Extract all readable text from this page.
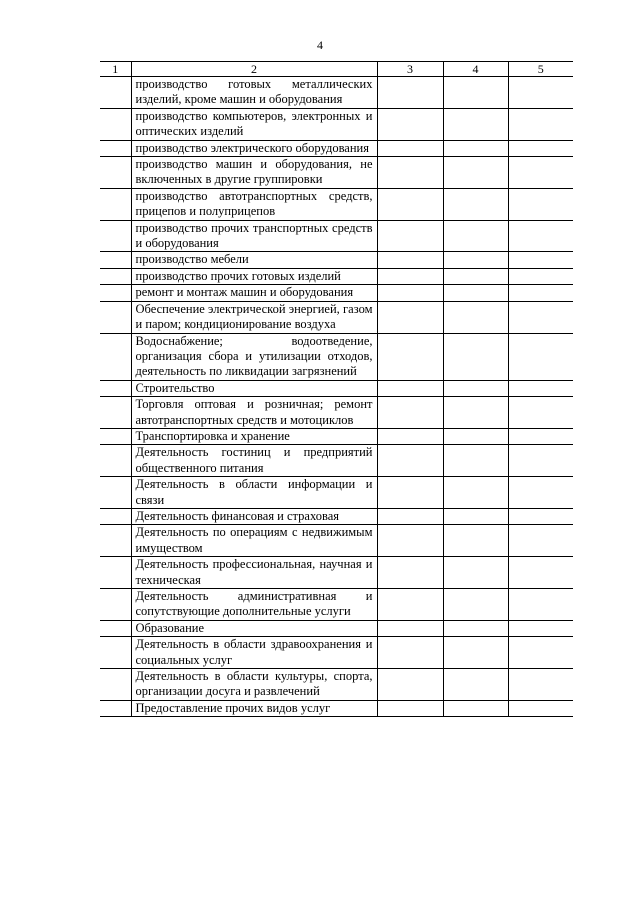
4
1	2	3	4	5
	производство готовых металлических изделий, кроме машин и оборудования			
	производство компьютеров, электронных и оптических изделий			
	производство электрического оборудования			
	производство машин и оборудования, не включенных в другие группировки			
	производство автотранспортных средств, прицепов и полуприцепов			
	производство прочих транспортных средств и оборудования			
	производство мебели			
	производство прочих готовых изделий			
	ремонт и монтаж машин и оборудования			
	Обеспечение электрической энергией, газом и паром; кондиционирование воздуха			
	Водоснабжение; водоотведение, организация сбора и утилизации отходов, деятельность по ликвидации загрязнений			
	Строительство			
	Торговля оптовая и розничная; ремонт автотранспортных средств и мотоциклов			
	Транспортировка и хранение			
	Деятельность гостиниц и предприятий общественного питания			
	Деятельность в области информации и связи			
	Деятельность финансовая и страховая			
	Деятельность по операциям с недвижимым имуществом			
	Деятельность профессиональная, научная и техническая			
	Деятельность административная и сопутствующие дополнительные услуги			
	Образование			
	Деятельность в области здравоохранения и социальных услуг			
	Деятельность в области культуры, спорта, организации досуга и развлечений			
	Предоставление прочих видов услуг			
